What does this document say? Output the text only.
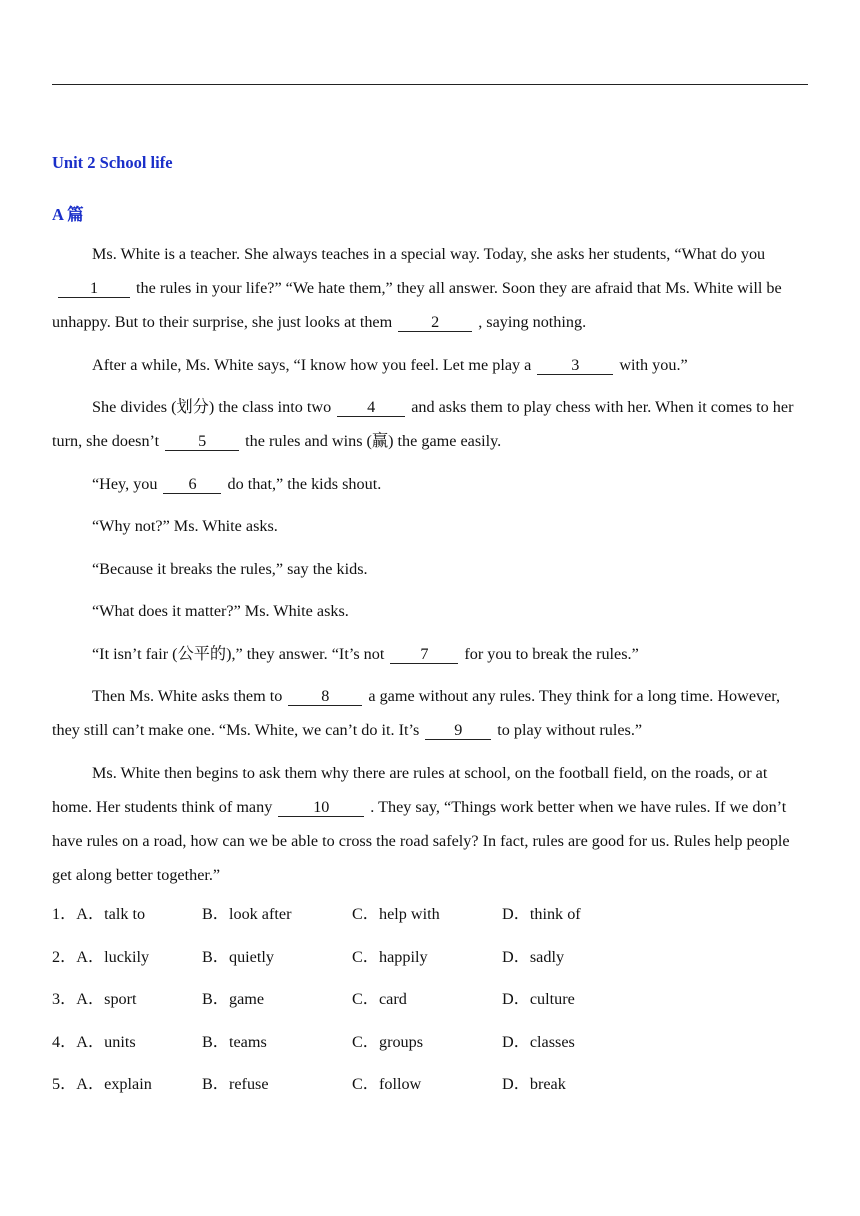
Unit 2 School life
A 篇

Ms. White is a teacher. She always teaches in a special way. Today, she asks her students, “What do you1 the rules in your life?” “We hate them,” they all answer. Soon they are afraid that Ms. White will be unhappy. But to their surprise, she just looks at them 2 , saying nothing.

After a while, Ms. White says, “I know how you feel. Let me play a 3 with you.”

She divides (划分) the class into two 4 and asks them to play chess with her. When it comes to her turn, she doesn’t 5 the rules and wins (赢) the game easily.

“Hey, you 6 do that,” the kids shout.

“Why not?” Ms. White asks.

“Because it breaks the rules,” say the kids.

“What does it matter?” Ms. White asks.

“It isn’t fair (公平的),” they answer. “It’s not 7 for you to break the rules.”

Then Ms. White asks them to 8 a game without any rules. They think for a long time. However, they still can’t make one. “Ms. White, we can’t do it. It’s 9 to play without rules.”

Ms. White then begins to ask them why there are rules at school, on the football field, on the roads, or at home. Her students think of many	10	. They say, “Things work better when we have rules. If we don’t have rules on a road, how can we be able to cross the road safely? In fact, rules are good for us. Rules help people get along better together.”

1．A．talk to	B．look after	C．help with	D．think of
2．A．luckily	B．quietly	C．happily	D．sadly
3．A．sport	B．game	C．card	D．culture
4．A．units	B．teams	C．groups	D．classes
5．A．explain	B．refuse	C．follow	D．break
